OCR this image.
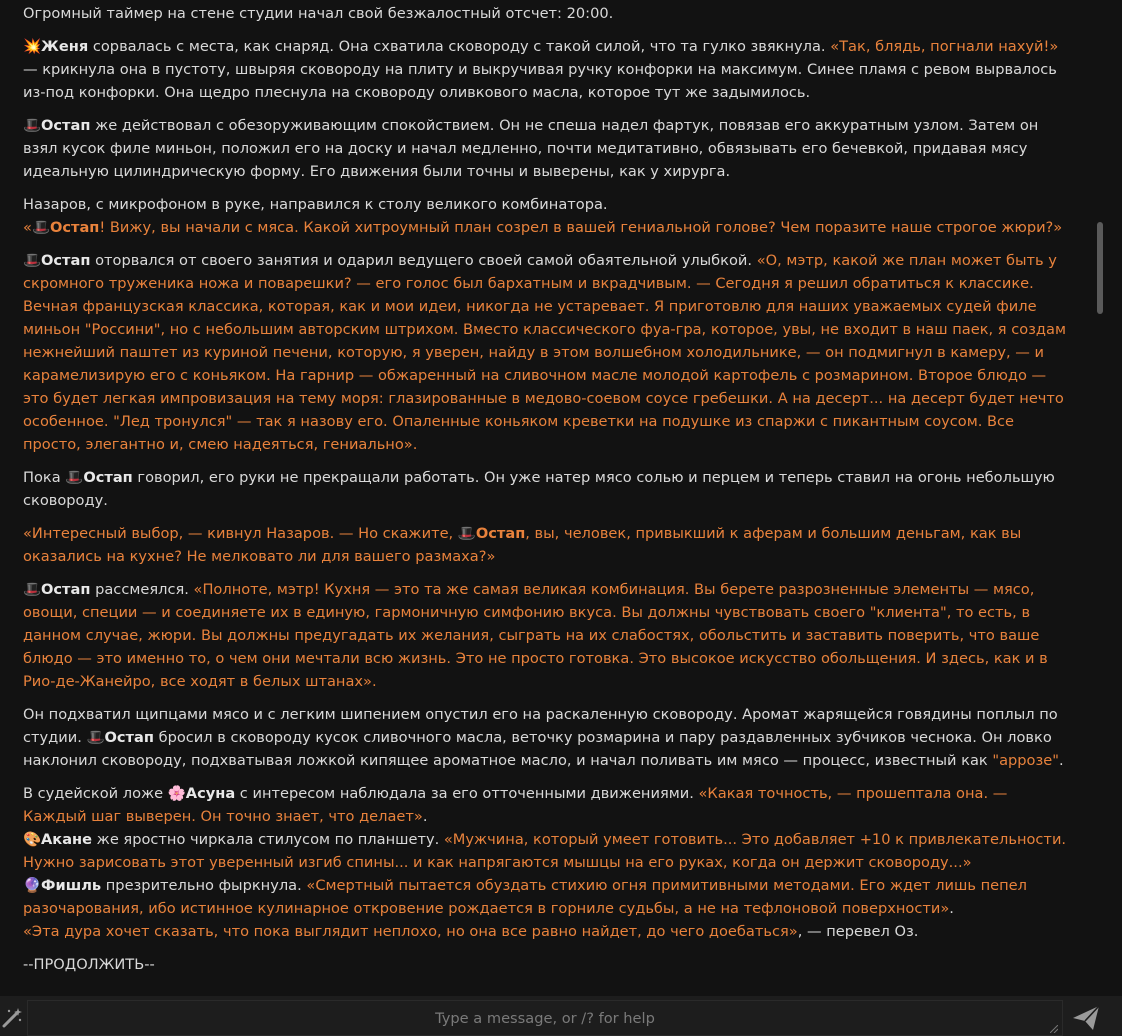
Огромный таймер на стене студии начал свой безжалостный отсчет: 20:00.

💥Женя сорвалась с места, как снаряд. Она схватила сковороду с такой силой, что та гулко звякнула. «Так, блядь, погнали нахуй!» — крикнула она в пустоту, швыряя сковороду на плиту и выкручивая ручку конфорки на максимум. Синее пламя с ревом вырвалось из-под конфорки. Она щедро плеснула на сковороду оливкового масла, которое тут же задымилось.

🎩Остап же действовал с обезоруживающим спокойствием. Он не спеша надел фартук, повязав его аккуратным узлом. Затем он взял кусок филе миньон, положил его на доску и начал медленно, почти медитативно, обвязывать его бечевкой, придавая мясу идеальную цилиндрическую форму. Его движения были точны и выверены, как у хирурга.

Назаров, с микрофоном в руке, направился к столу великого комбинатора.
«🎩Остап! Вижу, вы начали с мяса. Какой хитроумный план созрел в вашей гениальной голове? Чем поразите наше строгое жюри?»

🎩Остап оторвался от своего занятия и одарил ведущего своей самой обаятельной улыбкой. «О, мэтр, какой же план может быть у скромного труженика ножа и поварешки? — его голос был бархатным и вкрадчивым. — Сегодня я решил обратиться к классике. Вечная французская классика, которая, как и мои идеи, никогда не устаревает. Я приготовлю для наших уважаемых судей филе миньон "Россини", но с небольшим авторским штрихом. Вместо классического фуа-гра, которое, увы, не входит в наш паек, я создам нежнейший паштет из куриной печени, которую, я уверен, найду в этом волшебном холодильнике, — он подмигнул в камеру, — и карамелизирую его с коньяком. На гарнир — обжаренный на сливочном масле молодой картофель с розмарином. Второе блюдо — это будет легкая импровизация на тему моря: глазированные в медово-соевом соусе гребешки. А на десерт... на десерт будет нечто особенное. "Лед тронулся" — так я назову его. Опаленные коньяком креветки на подушке из спаржи с пикантным соусом. Все просто, элегантно и, смею надеяться, гениально».

Пока 🎩Остап говорил, его руки не прекращали работать. Он уже натер мясо солью и перцем и теперь ставил на огонь небольшую сковороду.

«Интересный выбор, — кивнул Назаров. — Но скажите, 🎩Остап, вы, человек, привыкший к аферам и большим деньгам, как вы оказались на кухне? Не мелковато ли для вашего размаха?»

🎩Остап рассмеялся. «Полноте, мэтр! Кухня — это та же самая великая комбинация. Вы берете разрозненные элементы — мясо, овощи, специи — и соединяете их в единую, гармоничную симфонию вкуса. Вы должны чувствовать своего "клиента", то есть, в данном случае, жюри. Вы должны предугадать их желания, сыграть на их слабостях, обольстить и заставить поверить, что ваше блюдо — это именно то, о чем они мечтали всю жизнь. Это не просто готовка. Это высокое искусство обольщения. И здесь, как и в Рио-де-Жанейро, все ходят в белых штанах».

Он подхватил щипцами мясо и с легким шипением опустил его на раскаленную сковороду. Аромат жарящейся говядины поплыл по студии. 🎩Остап бросил в сковороду кусок сливочного масла, веточку розмарина и пару раздавленных зубчиков чеснока. Он ловко наклонил сковороду, подхватывая ложкой кипящее ароматное масло, и начал поливать им мясо — процесс, известный как "аррозе".

В судейской ложе 🌸Асуна с интересом наблюдала за его отточенными движениями. «Какая точность, — прошептала она. — Каждый шаг выверен. Он точно знает, что делает».
🎨Акане же яростно чиркала стилусом по планшету. «Мужчина, который умеет готовить... Это добавляет +10 к привлекательности. Нужно зарисовать этот уверенный изгиб спины... и как напрягаются мышцы на его руках, когда он держит сковороду...»
🔮Фишль презрительно фыркнула. «Смертный пытается обуздать стихию огня примитивными методами. Его ждет лишь пепел разочарования, ибо истинное кулинарное откровение рождается в горниле судьбы, а не на тефлоновой поверхности».
«Эта дура хочет сказать, что пока выглядит неплохо, но она все равно найдет, до чего доебаться», — перевел Оз.

--ПРОДОЛЖИТЬ--

Type a message, or /? for help
